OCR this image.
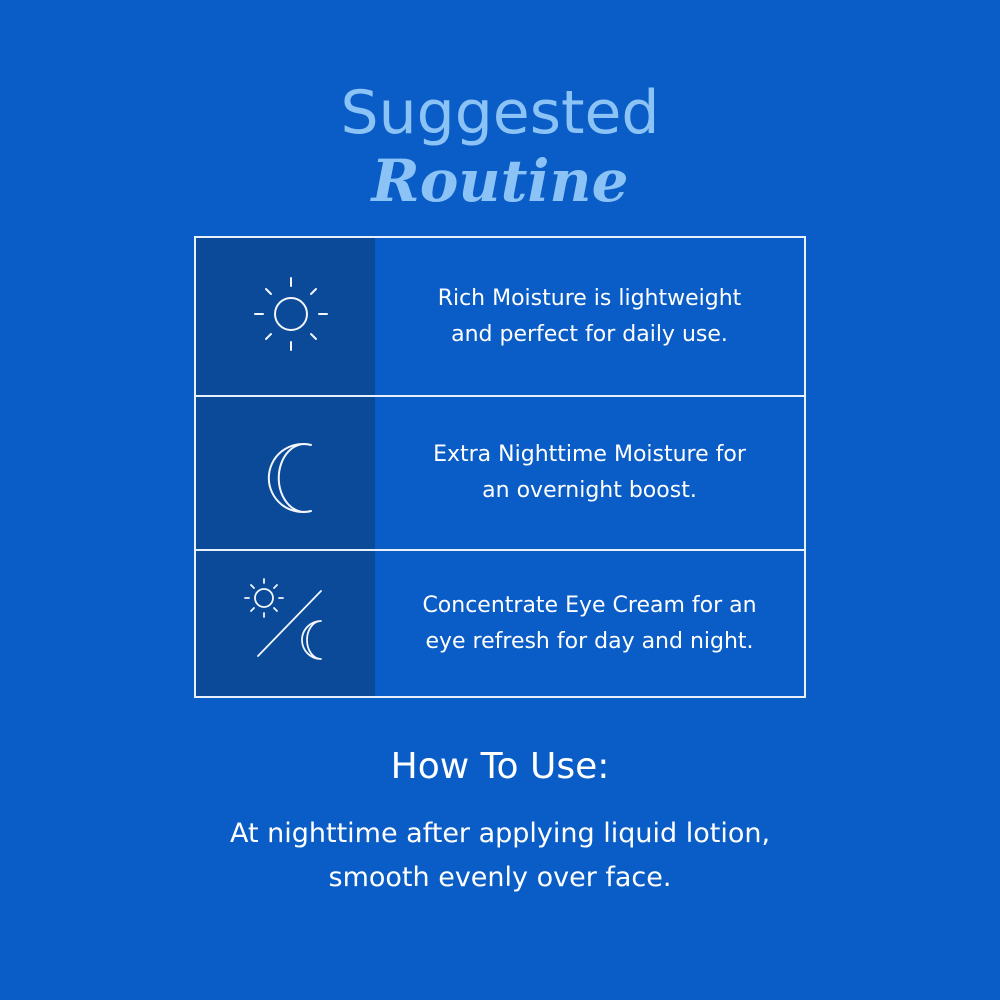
Suggested
Routine
Rich Moisture is lightweight
and perfect for daily use.
Extra Nighttime Moisture for
an overnight boost.
Concentrate Eye Cream for an
eye refresh for day and night.
How To Use:
At nighttime after applying liquid lotion,
smooth evenly over face.
